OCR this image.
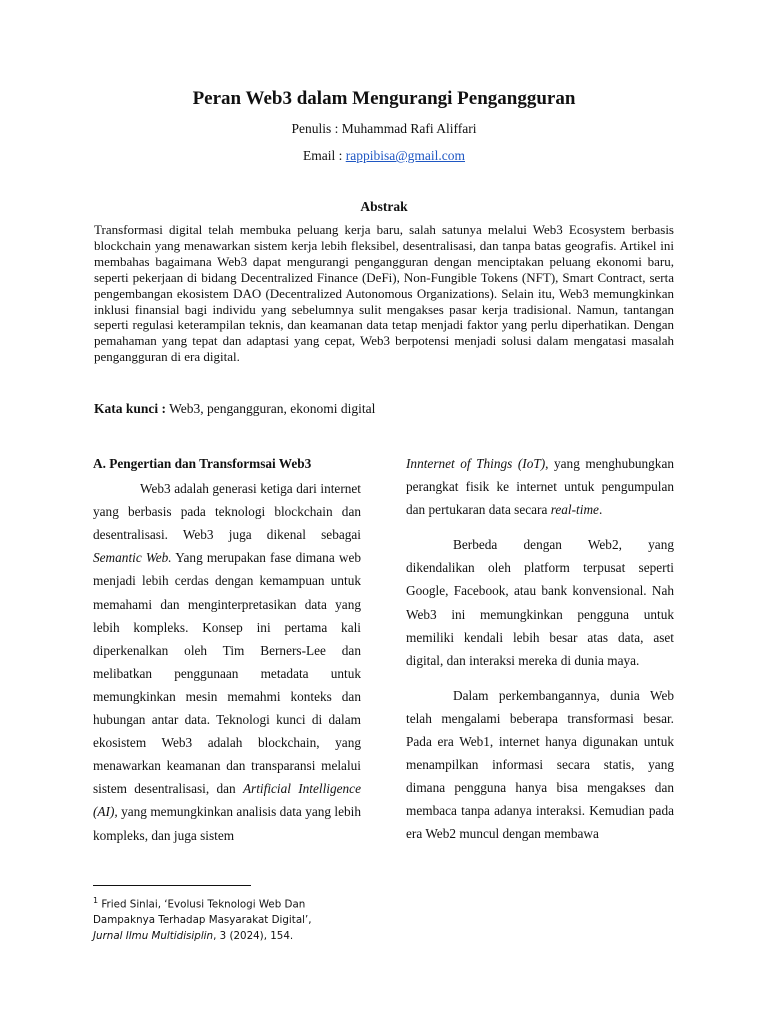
Peran Web3 dalam Mengurangi Pengangguran
Penulis : Muhammad Rafi Aliffari
Email : rappibisa@gmail.com
Abstrak

Transformasi digital telah membuka peluang kerja baru, salah satunya melalui Web3 Ecosystem berbasis blockchain yang menawarkan sistem kerja lebih fleksibel, desentralisasi, dan tanpa batas geografis. Artikel ini membahas bagaimana Web3 dapat mengurangi pengangguran dengan menciptakan peluang ekonomi baru, seperti pekerjaan di bidang Decentralized Finance (DeFi), Non-Fungible Tokens (NFT), Smart Contract, serta pengembangan ekosistem DAO (Decentralized Autonomous Organizations). Selain itu, Web3 memungkinkan inklusi finansial bagi individu yang sebelumnya sulit mengakses pasar kerja tradisional. Namun, tantangan seperti regulasi keterampilan teknis, dan keamanan data tetap menjadi faktor yang perlu diperhatikan. Dengan pemahaman yang tepat dan adaptasi yang cepat, Web3 berpotensi menjadi solusi dalam mengatasi masalah pengangguran di era digital.

Kata kunci : Web3, pengangguran, ekonomi digital

A. Pengertian dan Transformsai Web3

Web3 adalah generasi ketiga dari internet yang berbasis pada teknologi blockchain dan desentralisasi. Web3 juga dikenal sebagai Semantic Web. Yang merupakan fase dimana web menjadi lebih cerdas dengan kemampuan untuk memahami dan menginterpretasikan data yang lebih kompleks. Konsep ini pertama kali diperkenalkan oleh Tim Berners-Lee dan melibatkan penggunaan metadata untuk memungkinkan mesin memahmi konteks dan hubungan antar data. Teknologi kunci di dalam ekosistem Web3 adalah blockchain, yang menawarkan keamanan dan transparansi melalui sistem desentralisasi, dan Artificial Intelligence (AI), yang memungkinkan analisis data yang lebih kompleks, dan juga sistem

Innternet of Things (IoT), yang menghubungkan perangkat fisik ke internet untuk pengumpulan dan pertukaran data secara real-time.

Berbeda dengan Web2, yang dikendalikan oleh platform terpusat seperti Google, Facebook, atau bank konvensional. Nah Web3 ini memungkinkan pengguna untuk memiliki kendali lebih besar atas data, aset digital, dan interaksi mereka di dunia maya.

Dalam perkembangannya, dunia Web telah mengalami beberapa transformasi besar. Pada era Web1, internet hanya digunakan untuk menampilkan informasi secara statis, yang dimana pengguna hanya bisa mengakses dan membaca tanpa adanya interaksi. Kemudian pada era Web2 muncul dengan membawa

$^1$ Fried Sinlai, ‘Evolusi Teknologi Web Dan Dampaknya Terhadap Masyarakat Digital’, Jurnal Ilmu Multidisiplin, 3 (2024), 154.
